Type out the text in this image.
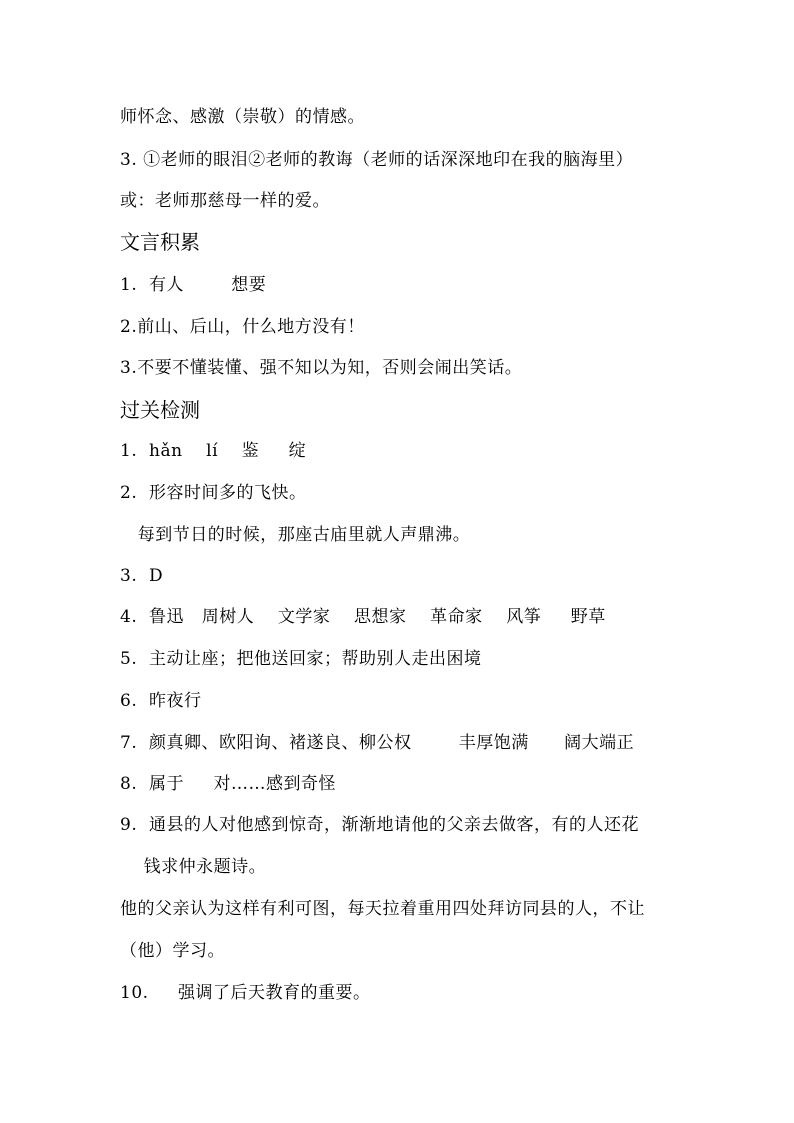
师怀念、感激（崇敬）的情感。
3. ①老师的眼泪②老师的教诲（老师的话深深地印在我的脑海里）
或：老师那慈母一样的爱。
文言积累
1.  有人        想要
2.前山、后山，什么地方没有！
3.不要不懂装懂、强不知以为知，否则会闹出笑话。
过关检测
1.  hǎn    lí    鉴     绽
2.  形容时间多的飞快。
每到节日的时候，那座古庙里就人声鼎沸。
3.  D
4.  鲁迅   周树人    文学家    思想家    革命家    风筝     野草
5.  主动让座；把他送回家；帮助别人走出困境
6.  昨夜行
7.  颜真卿、欧阳询、褚遂良、柳公权        丰厚饱满      阔大端正
8.  属于     对……感到奇怪
9.  通县的人对他感到惊奇，渐渐地请他的父亲去做客，有的人还花
钱求仲永题诗。
他的父亲认为这样有利可图，每天拉着重用四处拜访同县的人，不让
（他）学习。
10.     强调了后天教育的重要。
